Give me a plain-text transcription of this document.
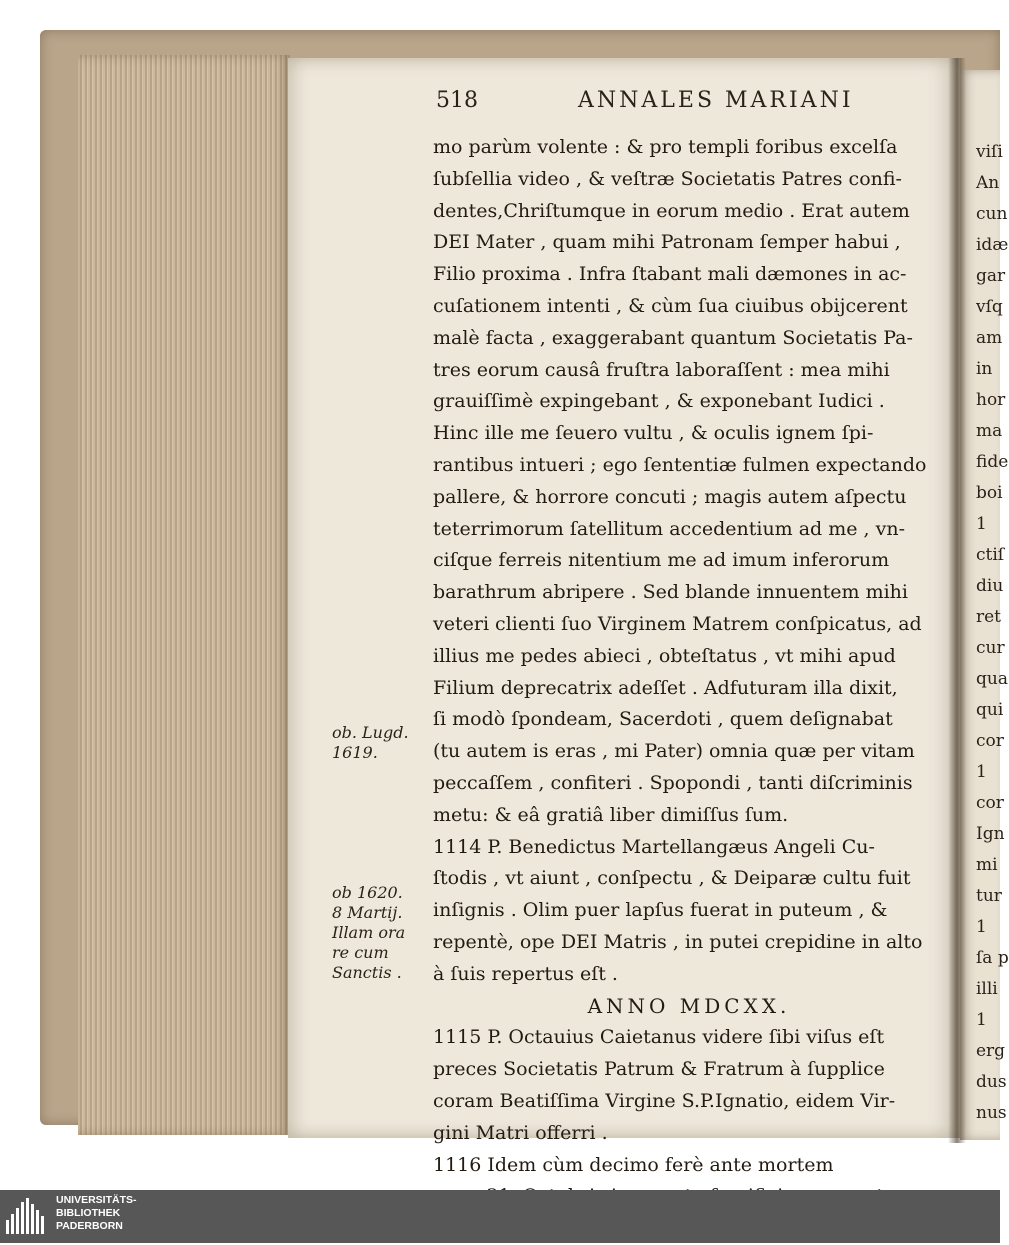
viſi
An
cun
idæ
gar
vſq
am
in
hor
ma
fide
boi
1
ctiſ
diu
ret
cur
qua
qui
cor
1
cor
Ign
mi
tur
1
ſa p
illi
1
erg
dus
nus
518	ANNALES MARIANI
mo parùm volente : & pro templi foribus excelſa
ſubſellia video , & veſtræ Societatis Patres confi-
dentes,Chriſtumque in eorum medio . Erat autem
DEI Mater , quam mihi Patronam ſemper habui ,
Filio proxima . Infra ſtabant mali dæmones in ac-
cuſationem intenti , & cùm ſua ciuibus obijcerent
malè facta , exaggerabant quantum Societatis Pa-
tres eorum causâ fruſtra laboraſſent : mea mihi
grauiſſimè expingebant , & exponebant Iudici .
Hinc ille me ſeuero vultu , & oculis ignem ſpi-
rantibus intueri ; ego ſententiæ fulmen expectando
pallere, & horrore concuti ; magis autem aſpectu
teterrimorum ſatellitum accedentium ad me , vn-
ciſque ferreis nitentium me ad imum inferorum
barathrum abripere . Sed blande innuentem mihi
veteri clienti ſuo Virginem Matrem conſpicatus, ad
illius me pedes abieci , obteſtatus , vt mihi apud
Filium deprecatrix adeſſet . Adfuturam illa dixit,
ſi modò ſpondeam, Sacerdoti , quem deſignabat
(tu autem is eras , mi Pater) omnia quæ per vitam
peccaſſem , confiteri . Spopondi , tanti diſcriminis
metu: & eâ gratiâ liber dimiſſus ſum.
1114 P. Benedictus Martellangæus Angeli Cu-
ſtodis , vt aiunt , conſpectu , & Deiparæ cultu fuit
inſignis . Olim puer lapſus fuerat in puteum , &
repentè, ope DEI Matris , in putei crepidine in alto
à ſuis repertus eſt .
ANNO MDCXX.
1115 P. Octauius Caietanus videre ſibi viſus eſt
preces Societatis Patrum & Fratrum à ſupplice
coram Beatiſſima Virgine S.P.Ignatio, eidem Vir-
gini Matri offerri .
1116 Idem cùm decimo ferè ante mortem
ob. Lugd.
1619.
ob 1620.
8 Martij.
Illam ora
re cum
Sanctis .
UNIVERSITÄTS-
BIBLIOTHEK
PADERBORN
